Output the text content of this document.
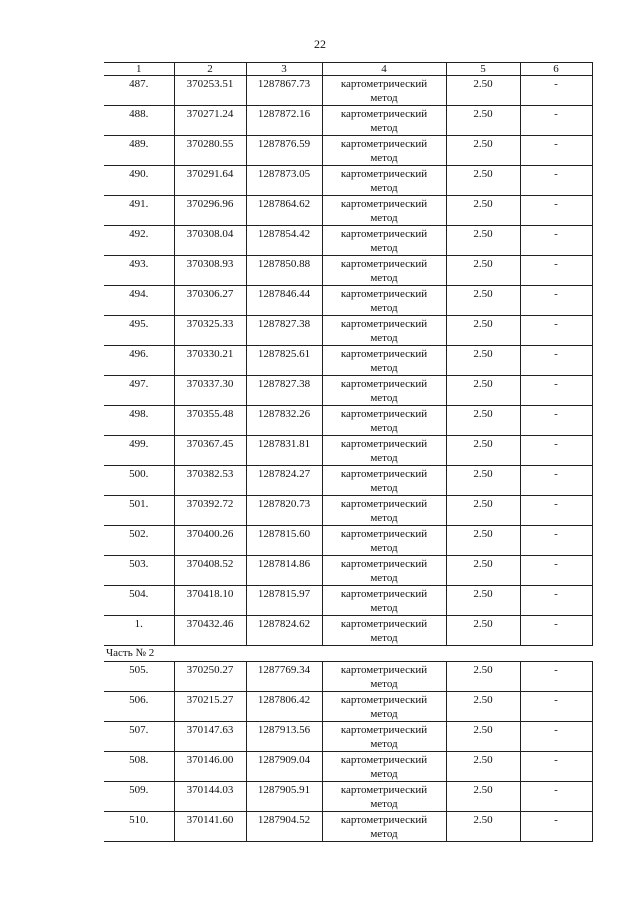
22
1	2	3	4	5	6
487.	370253.51	1287867.73	картометрический
метод	2.50	-
488.	370271.24	1287872.16	картометрический
метод	2.50	-
489.	370280.55	1287876.59	картометрический
метод	2.50	-
490.	370291.64	1287873.05	картометрический
метод	2.50	-
491.	370296.96	1287864.62	картометрический
метод	2.50	-
492.	370308.04	1287854.42	картометрический
метод	2.50	-
493.	370308.93	1287850.88	картометрический
метод	2.50	-
494.	370306.27	1287846.44	картометрический
метод	2.50	-
495.	370325.33	1287827.38	картометрический
метод	2.50	-
496.	370330.21	1287825.61	картометрический
метод	2.50	-
497.	370337.30	1287827.38	картометрический
метод	2.50	-
498.	370355.48	1287832.26	картометрический
метод	2.50	-
499.	370367.45	1287831.81	картометрический
метод	2.50	-
500.	370382.53	1287824.27	картометрический
метод	2.50	-
501.	370392.72	1287820.73	картометрический
метод	2.50	-
502.	370400.26	1287815.60	картометрический
метод	2.50	-
503.	370408.52	1287814.86	картометрический
метод	2.50	-
504.	370418.10	1287815.97	картометрический
метод	2.50	-
1.	370432.46	1287824.62	картометрический
метод	2.50	-
Часть № 2					
505.	370250.27	1287769.34	картометрический
метод	2.50	-
506.	370215.27	1287806.42	картометрический
метод	2.50	-
507.	370147.63	1287913.56	картометрический
метод	2.50	-
508.	370146.00	1287909.04	картометрический
метод	2.50	-
509.	370144.03	1287905.91	картометрический
метод	2.50	-
510.	370141.60	1287904.52	картометрический
метод	2.50	-
